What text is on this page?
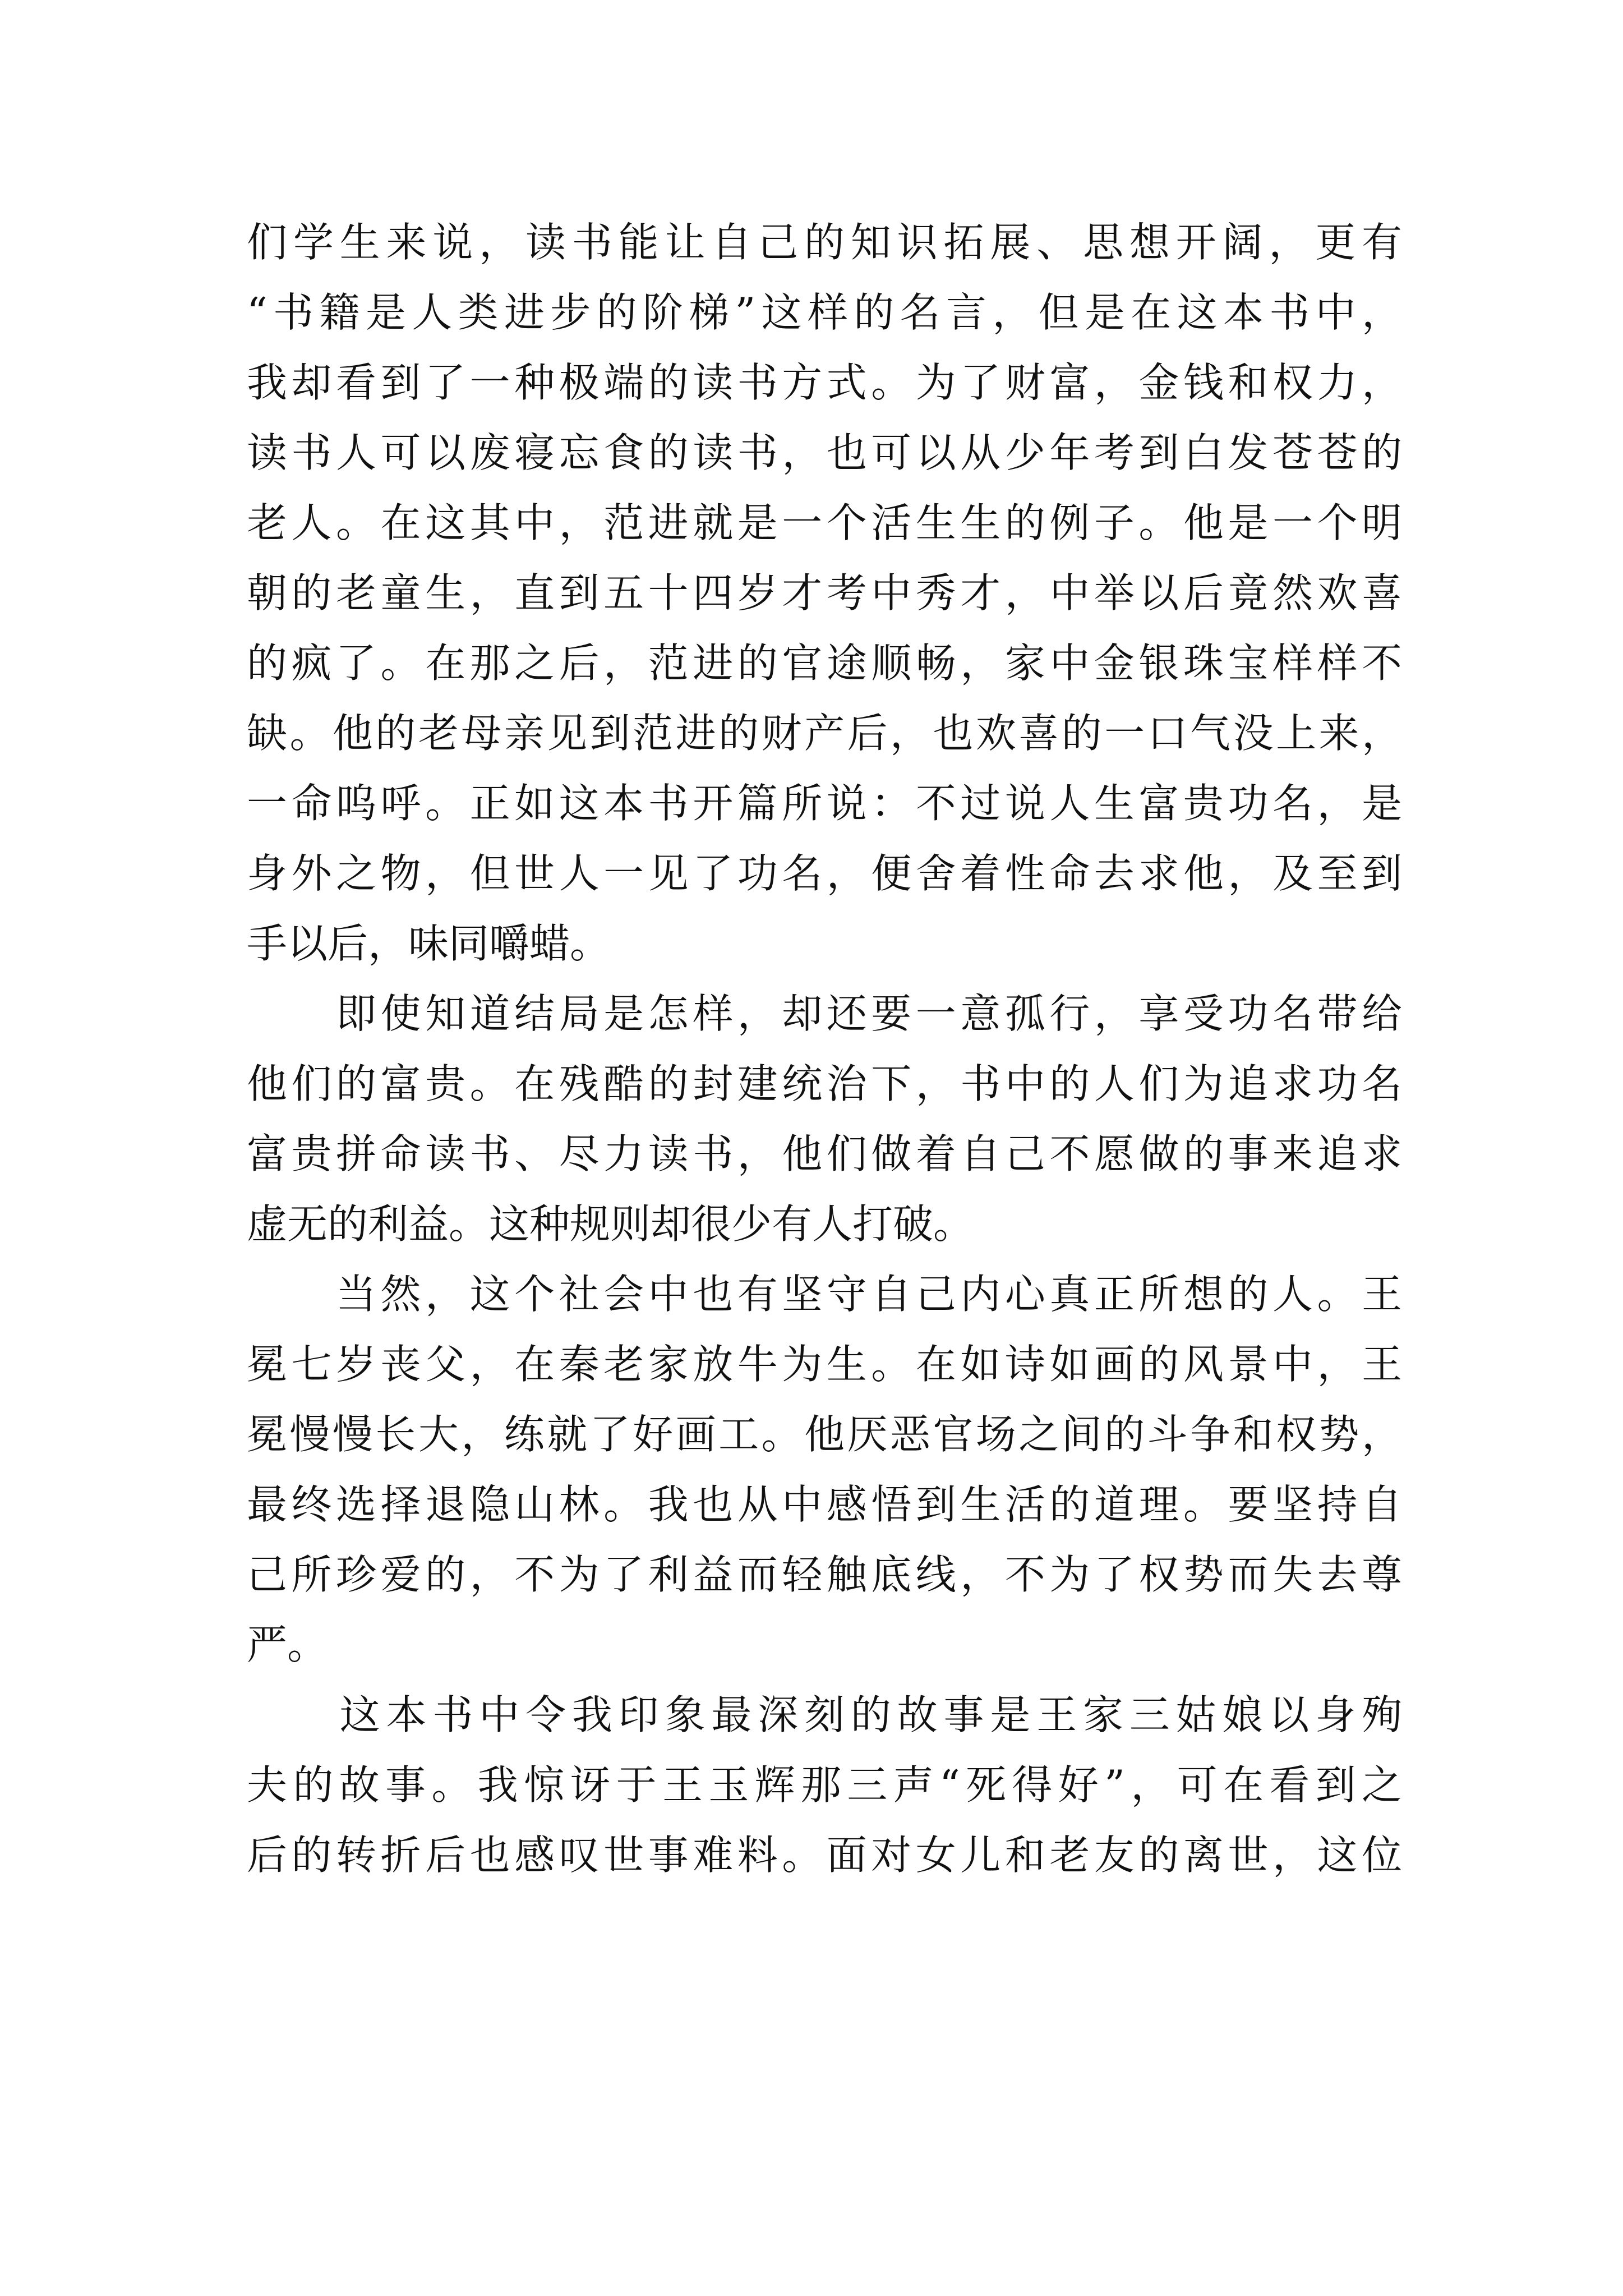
们学生来说，读书能让自己的知识拓展、思想开阔，更有
“书籍是人类进步的阶梯”这样的名言，但是在这本书中，
我却看到了一种极端的读书方式。为了财富，金钱和权力，
读书人可以废寝忘食的读书，也可以从少年考到白发苍苍的
老人。在这其中，范进就是一个活生生的例子。他是一个明
朝的老童生，直到五十四岁才考中秀才，中举以后竟然欢喜
的疯了。在那之后，范进的官途顺畅，家中金银珠宝样样不
缺。他的老母亲见到范进的财产后，也欢喜的一口气没上来，
一命呜呼。正如这本书开篇所说：不过说人生富贵功名，是
身外之物，但世人一见了功名，便舍着性命去求他，及至到
手以后，味同嚼蜡。

　　即使知道结局是怎样，却还要一意孤行，享受功名带给
他们的富贵。在残酷的封建统治下，书中的人们为追求功名
富贵拼命读书、尽力读书，他们做着自己不愿做的事来追求
虚无的利益。这种规则却很少有人打破。

　　当然，这个社会中也有坚守自己内心真正所想的人。王
冕七岁丧父，在秦老家放牛为生。在如诗如画的风景中，王
冕慢慢长大，练就了好画工。他厌恶官场之间的斗争和权势，
最终选择退隐山林。我也从中感悟到生活的道理。要坚持自
己所珍爱的，不为了利益而轻触底线，不为了权势而失去尊
严。

　　这本书中令我印象最深刻的故事是王家三姑娘以身殉
夫的故事。我惊讶于王玉辉那三声“死得好”，可在看到之
后的转折后也感叹世事难料。面对女儿和老友的离世，这位
